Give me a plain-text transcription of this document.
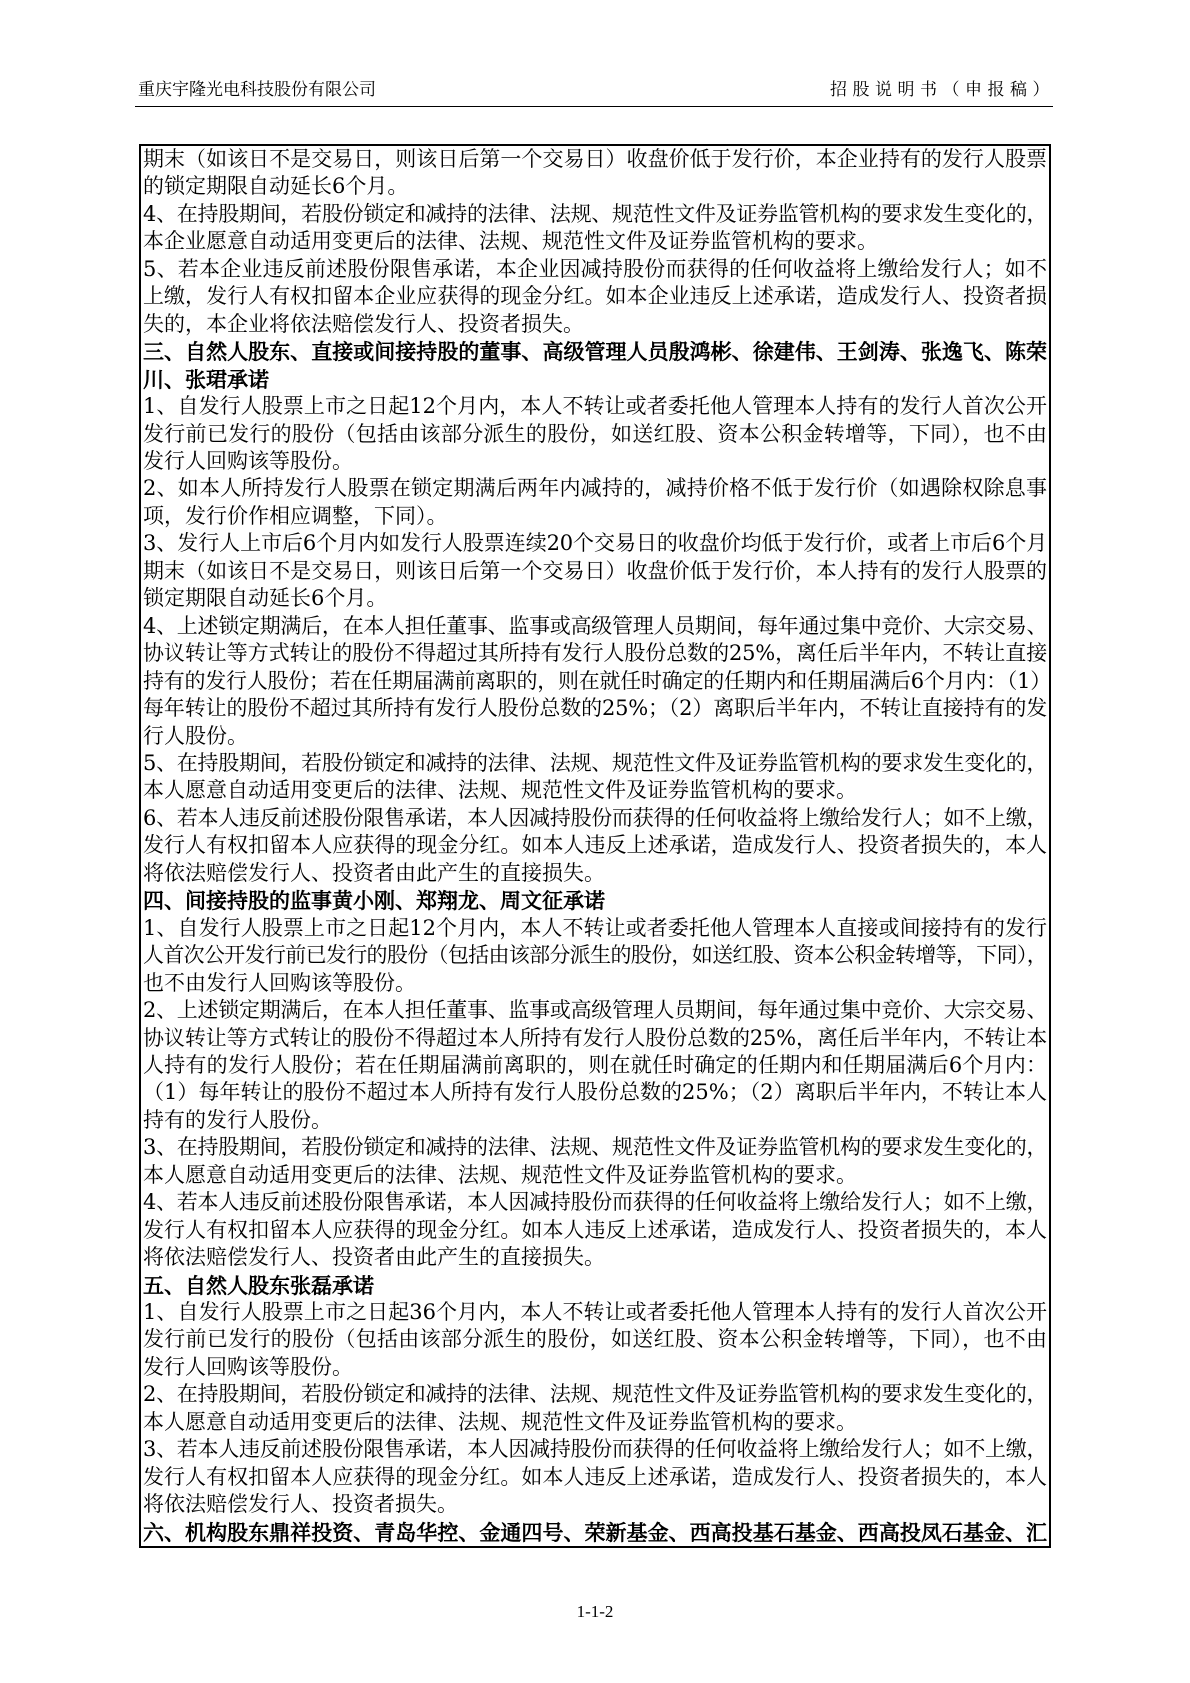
重庆宇隆光电科技股份有限公司	招股说明书（申报稿）
期末（如该日不是交易日，则该日后第一个交易日）收盘价低于发行价，本企业持有的发行人股票
的锁定期限自动延长6个月。
4、在持股期间，若股份锁定和减持的法律、法规、规范性文件及证券监管机构的要求发生变化的，
本企业愿意自动适用变更后的法律、法规、规范性文件及证券监管机构的要求。
5、若本企业违反前述股份限售承诺，本企业因减持股份而获得的任何收益将上缴给发行人；如不
上缴，发行人有权扣留本企业应获得的现金分红。如本企业违反上述承诺，造成发行人、投资者损
失的，本企业将依法赔偿发行人、投资者损失。
三、自然人股东、直接或间接持股的董事、高级管理人员殷鸿彬、徐建伟、王剑涛、张逸飞、陈荣
川、张珺承诺
1、自发行人股票上市之日起12个月内，本人不转让或者委托他人管理本人持有的发行人首次公开
发行前已发行的股份（包括由该部分派生的股份，如送红股、资本公积金转增等，下同），也不由
发行人回购该等股份。
2、如本人所持发行人股票在锁定期满后两年内减持的，减持价格不低于发行价（如遇除权除息事
项，发行价作相应调整，下同）。
3、发行人上市后6个月内如发行人股票连续20个交易日的收盘价均低于发行价，或者上市后6个月
期末（如该日不是交易日，则该日后第一个交易日）收盘价低于发行价，本人持有的发行人股票的
锁定期限自动延长6个月。
4、上述锁定期满后，在本人担任董事、监事或高级管理人员期间，每年通过集中竞价、大宗交易、
协议转让等方式转让的股份不得超过其所持有发行人股份总数的25%，离任后半年内，不转让直接
持有的发行人股份；若在任期届满前离职的，则在就任时确定的任期内和任期届满后6个月内：（1）
每年转让的股份不超过其所持有发行人股份总数的25%；（2）离职后半年内，不转让直接持有的发
行人股份。
5、在持股期间，若股份锁定和减持的法律、法规、规范性文件及证券监管机构的要求发生变化的，
本人愿意自动适用变更后的法律、法规、规范性文件及证券监管机构的要求。
6、若本人违反前述股份限售承诺，本人因减持股份而获得的任何收益将上缴给发行人；如不上缴，
发行人有权扣留本人应获得的现金分红。如本人违反上述承诺，造成发行人、投资者损失的，本人
将依法赔偿发行人、投资者由此产生的直接损失。
四、间接持股的监事黄小刚、郑翔龙、周文征承诺
1、自发行人股票上市之日起12个月内，本人不转让或者委托他人管理本人直接或间接持有的发行
人首次公开发行前已发行的股份（包括由该部分派生的股份，如送红股、资本公积金转增等，下同），
也不由发行人回购该等股份。
2、上述锁定期满后，在本人担任董事、监事或高级管理人员期间，每年通过集中竞价、大宗交易、
协议转让等方式转让的股份不得超过本人所持有发行人股份总数的25%，离任后半年内，不转让本
人持有的发行人股份；若在任期届满前离职的，则在就任时确定的任期内和任期届满后6个月内：
（1）每年转让的股份不超过本人所持有发行人股份总数的25%；（2）离职后半年内，不转让本人
持有的发行人股份。
3、在持股期间，若股份锁定和减持的法律、法规、规范性文件及证券监管机构的要求发生变化的，
本人愿意自动适用变更后的法律、法规、规范性文件及证券监管机构的要求。
4、若本人违反前述股份限售承诺，本人因减持股份而获得的任何收益将上缴给发行人；如不上缴，
发行人有权扣留本人应获得的现金分红。如本人违反上述承诺，造成发行人、投资者损失的，本人
将依法赔偿发行人、投资者由此产生的直接损失。
五、自然人股东张磊承诺
1、自发行人股票上市之日起36个月内，本人不转让或者委托他人管理本人持有的发行人首次公开
发行前已发行的股份（包括由该部分派生的股份，如送红股、资本公积金转增等，下同），也不由
发行人回购该等股份。
2、在持股期间，若股份锁定和减持的法律、法规、规范性文件及证券监管机构的要求发生变化的，
本人愿意自动适用变更后的法律、法规、规范性文件及证券监管机构的要求。
3、若本人违反前述股份限售承诺，本人因减持股份而获得的任何收益将上缴给发行人；如不上缴，
发行人有权扣留本人应获得的现金分红。如本人违反上述承诺，造成发行人、投资者损失的，本人
将依法赔偿发行人、投资者损失。
六、机构股东鼎祥投资、青岛华控、金通四号、荣新基金、西高投基石基金、西高投凤石基金、汇
1-1-2
